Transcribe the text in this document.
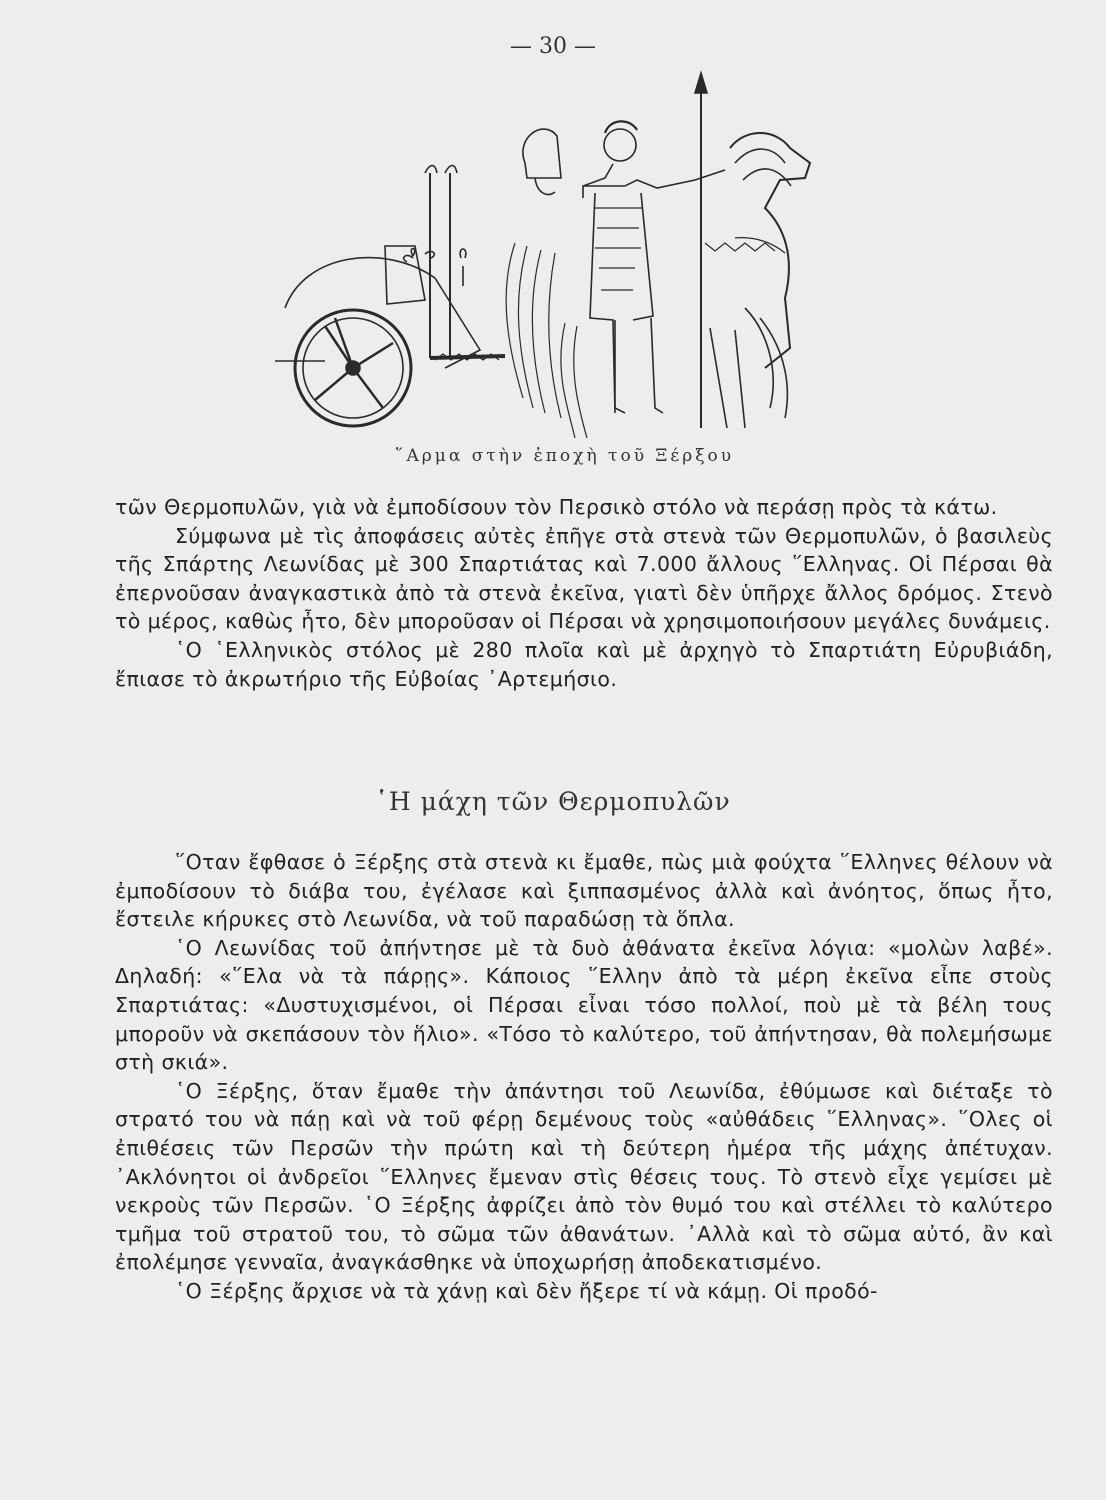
— 30 —
῞Αρμα στὴν ἐποχὴ τοῦ Ξέρξου

τῶν Θερμοπυλῶν, γιὰ νὰ ἐμποδίσουν τὸν Περσικὸ στόλο νὰ περάσῃ πρὸς τὰ κάτω.

Σύμφωνα μὲ τὶς ἀποφάσεις αὐτὲς ἐπῆγε στὰ στενὰ τῶν Θερμοπυλῶν, ὁ βασιλεὺς τῆς Σπάρτης Λεωνίδας μὲ 300 Σπαρτιάτας καὶ 7.000 ἄλλους ῞Ελληνας. Οἱ Πέρσαι θὰ ἐπερνοῦσαν ἀναγκαστικὰ ἀπὸ τὰ στενὰ ἐκεῖνα, γιατὶ δὲν ὑπῆρχε ἄλλος δρόμος. Στενὸ τὸ μέρος, καθὼς ἦτο, δὲν μποροῦσαν οἱ Πέρσαι νὰ χρησιμοποιήσουν μεγάλες δυνάμεις.

῾Ο ῾Ελληνικὸς στόλος μὲ 280 πλοῖα καὶ μὲ ἀρχηγὸ τὸ Σπαρτιάτη Εὐρυβιάδη, ἔπιασε τὸ ἀκρωτήριο τῆς Εὐβοίας ᾿Αρτεμήσιο.

῾Η μάχη τῶν Θερμοπυλῶν

῞Οταν ἔφθασε ὁ Ξέρξης στὰ στενὰ κι ἔμαθε, πὼς μιὰ φούχτα ῞Ελληνες θέλουν νὰ ἐμποδίσουν τὸ διάβα του, ἐγέλασε καὶ ξιππασμένος ἀλλὰ καὶ ἀνόητος, ὅπως ἦτο, ἔστειλε κήρυκες στὸ Λεωνίδα, νὰ τοῦ παραδώσῃ τὰ ὅπλα.

῾Ο Λεωνίδας τοῦ ἀπήντησε μὲ τὰ δυὸ ἀθάνατα ἐκεῖνα λόγια: «μολὼν λαβέ». Δηλαδή: «῞Ελα νὰ τὰ πάρῃς». Κάποιος ῞Ελλην ἀπὸ τὰ μέρη ἐκεῖνα εἶπε στοὺς Σπαρτιάτας: «Δυστυχισμένοι, οἱ Πέρσαι εἶναι τόσο πολλοί, ποὺ μὲ τὰ βέλη τους μποροῦν νὰ σκεπάσουν τὸν ἥλιο». «Τόσο τὸ καλύτερο, τοῦ ἀπήντησαν, θὰ πολεμήσωμε στὴ σκιά».

῾Ο Ξέρξης, ὅταν ἔμαθε τὴν ἀπάντησι τοῦ Λεωνίδα, ἐθύμωσε καὶ διέταξε τὸ στρατό του νὰ πάῃ καὶ νὰ τοῦ φέρῃ δεμένους τοὺς «αὐθάδεις ῞Ελληνας». ῞Ολες οἱ ἐπιθέσεις τῶν Περσῶν τὴν πρώτη καὶ τὴ δεύτερη ἡμέρα τῆς μάχης ἀπέτυχαν. ᾿Ακλόνητοι οἱ ἀνδρεῖοι ῞Ελληνες ἔμεναν στὶς θέσεις τους. Τὸ στενὸ εἶχε γεμίσει μὲ νεκροὺς τῶν Περσῶν. ῾Ο Ξέρξης ἀφρίζει ἀπὸ τὸν θυμό του καὶ στέλλει τὸ καλύτερο τμῆμα τοῦ στρατοῦ του, τὸ σῶμα τῶν ἀθανάτων. ᾿Αλλὰ καὶ τὸ σῶμα αὐτό, ἂν καὶ ἐπολέμησε γενναῖα, ἀναγκάσθηκε νὰ ὑποχωρήσῃ ἀποδεκατισμένο.

῾Ο Ξέρξης ἄρχισε νὰ τὰ χάνῃ καὶ δὲν ἤξερε τί νὰ κάμῃ. Οἱ προδό-
